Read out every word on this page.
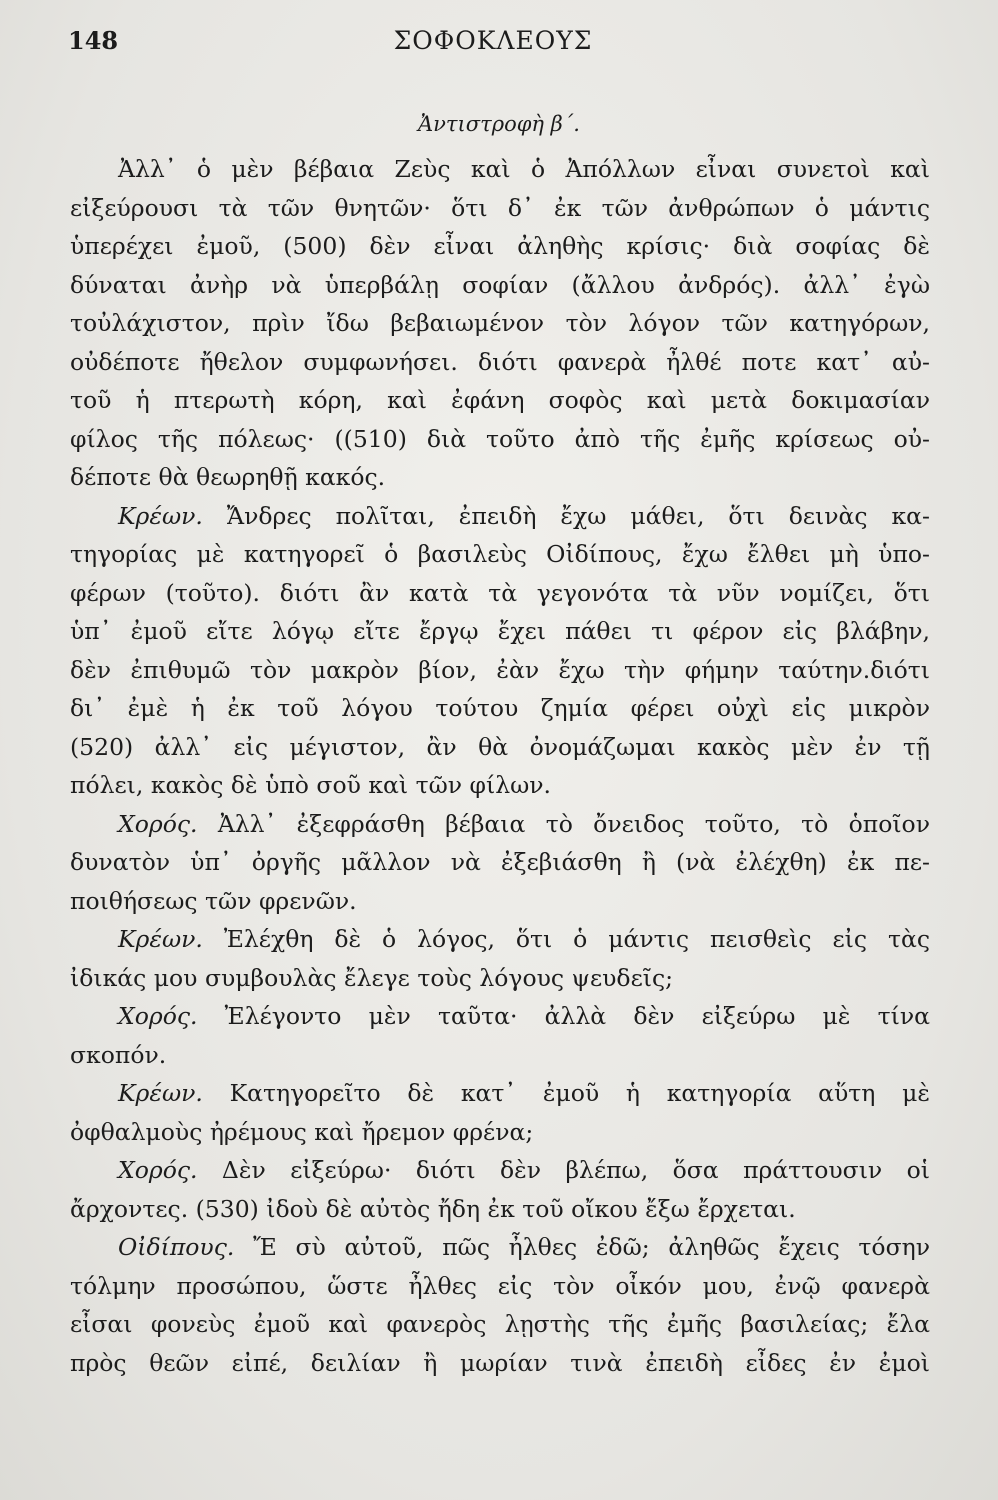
148	ΣΟΦΟΚΛΕΟΥΣ
Ἀντιστροφὴ β΄.
Ἀλλ᾽ ὁ μὲν βέβαια Ζεὺς καὶ ὁ Ἀπόλλων εἶναι συνετοὶ καὶ
εἰξεύρουσι τὰ τῶν θνητῶν· ὅτι δ᾽ ἐκ τῶν ἀνθρώπων ὁ μάντις
ὑπερέχει ἐμοῦ, (500) δὲν εἶναι ἀληθὴς κρίσις· διὰ σοφίας δὲ
δύναται ἀνὴρ νὰ ὑπερβάλῃ σοφίαν (ἄλλου ἀνδρός). ἀλλ᾽ ἐγὼ
τοὐλάχιστον, πρὶν ἴδω βεβαιωμένον τὸν λόγον τῶν κατηγόρων,
οὐδέποτε ἤθελον συμφωνήσει. διότι φανερὰ ἦλθέ ποτε κατ᾽ αὐ-
τοῦ ἡ πτερωτὴ κόρη, καὶ ἐφάνη σοφὸς καὶ μετὰ δοκιμασίαν
φίλος τῆς πόλεως· ((510) διὰ τοῦτο ἀπὸ τῆς ἐμῆς κρίσεως οὐ-
δέποτε θὰ θεωρηθῇ κακός.
Κρέων. Ἄνδρες πολῖται, ἐπειδὴ ἔχω μάθει, ὅτι δεινὰς κα-
τηγορίας μὲ κατηγορεῖ ὁ βασιλεὺς Οἰδίπους, ἔχω ἔλθει μὴ ὑπο-
φέρων (τοῦτο). διότι ἂν κατὰ τὰ γεγονότα τὰ νῦν νομίζει, ὅτι
ὑπ᾽ ἐμοῦ εἴτε λόγῳ εἴτε ἔργῳ ἔχει πάθει τι φέρον εἰς βλάβην,
δὲν ἐπιθυμῶ τὸν μακρὸν βίον, ἐὰν ἔχω τὴν φήμην ταύτην.διότι
δι᾽ ἐμὲ ἡ ἐκ τοῦ λόγου τούτου ζημία φέρει οὐχὶ εἰς μικρὸν
(520) ἀλλ᾽ εἰς μέγιστον, ἂν θὰ ὀνομάζωμαι κακὸς μὲν ἐν τῇ
πόλει, κακὸς δὲ ὑπὸ σοῦ καὶ τῶν φίλων.
Χορός. Ἀλλ᾽ ἐξεφράσθη βέβαια τὸ ὄνειδος τοῦτο, τὸ ὁποῖον
δυνατὸν ὑπ᾽ ὀργῆς μᾶλλον νὰ ἐξεβιάσθη ἢ (νὰ ἐλέχθη) ἐκ πε-
ποιθήσεως τῶν φρενῶν.
Κρέων. Ἐλέχθη δὲ ὁ λόγος, ὅτι ὁ μάντις πεισθεὶς εἰς τὰς
ἰδικάς μου συμβουλὰς ἔλεγε τοὺς λόγους ψευδεῖς;
Χορός. Ἐλέγοντο μὲν ταῦτα· ἀλλὰ δὲν εἰξεύρω μὲ τίνα
σκοπόν.
Κρέων. Κατηγορεῖτο δὲ κατ᾽ ἐμοῦ ἡ κατηγορία αὕτη μὲ
ὀφθαλμοὺς ἠρέμους καὶ ἤρεμον φρένα;
Χορός. Δὲν εἰξεύρω· διότι δὲν βλέπω, ὅσα πράττουσιν οἱ
ἄρχοντες. (530) ἰδοὺ δὲ αὐτὸς ἤδη ἐκ τοῦ οἴκου ἔξω ἔρχεται.
Οἰδίπους. Ἔ σὺ αὐτοῦ, πῶς ἦλθες ἐδῶ; ἀληθῶς ἔχεις τόσην
τόλμην προσώπου, ὥστε ἦλθες εἰς τὸν οἶκόν μου, ἐνῷ φανερὰ
εἶσαι φονεὺς ἐμοῦ καὶ φανερὸς λῃστὴς τῆς ἐμῆς βασιλείας; ἔλα
πρὸς θεῶν εἰπέ, δειλίαν ἢ μωρίαν τινὰ ἐπειδὴ εἶδες ἐν ἐμοὶ
